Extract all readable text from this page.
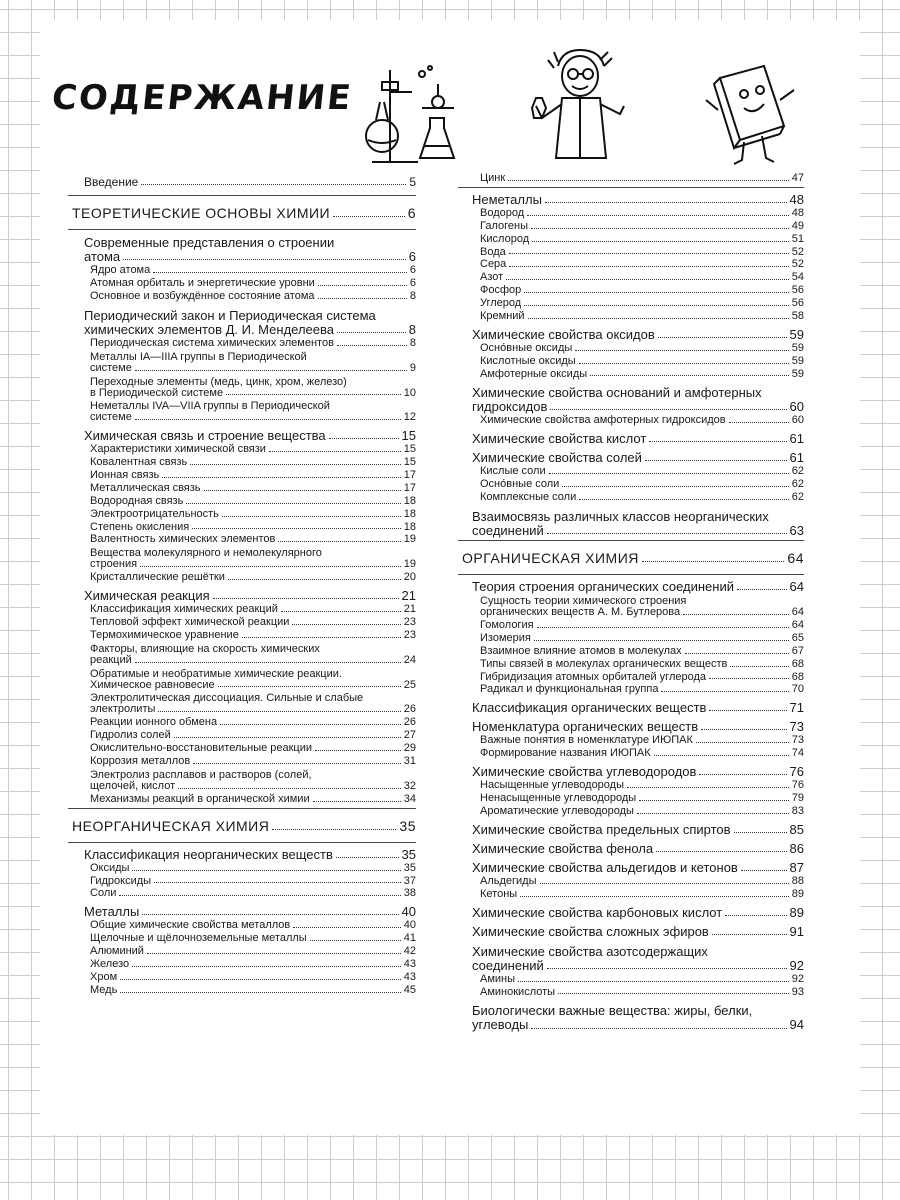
СОДЕРЖАНИЕ
Введение	5
ТЕОРЕТИЧЕСКИЕ ОСНОВЫ ХИМИИ	6
Современные представления о строении
атома	6
Ядро атома	6
Атомная орбиталь и энергетические уровни	6
Основное и возбуждённое состояние атома	8
Периодический закон и Периодическая система
химических элементов Д. И. Менделеева	8
Периодическая система химических элементов	8
Металлы IA—IIIA группы в Периодической
системе	9
Переходные элементы (медь, цинк, хром, железо)
в Периодической системе	10
Неметаллы IVA—VIIA группы в Периодической
системе	12
Химическая связь и строение вещества	15
Характеристики химической связи	15
Ковалентная связь	15
Ионная связь	17
Металлическая связь	17
Водородная связь	18
Электроотрицательность	18
Степень окисления	18
Валентность химических элементов	19
Вещества молекулярного и немолекулярного
строения	19
Кристаллические решётки	20
Химическая реакция	21
Классификация химических реакций	21
Тепловой эффект химической реакции	23
Термохимическое уравнение	23
Факторы, влияющие на скорость химических
реакций	24
Обратимые и необратимые химические реакции.
Химическое равновесие	25
Электролитическая диссоциация. Сильные и слабые
электролиты	26
Реакции ионного обмена	26
Гидролиз солей	27
Окислительно-восстановительные реакции	29
Коррозия металлов	31
Электролиз расплавов и растворов (солей,
щелочей, кислот	32
Механизмы реакций в органической химии	34
НЕОРГАНИЧЕСКАЯ ХИМИЯ	35
Классификация неорганических веществ	35
Оксиды	35
Гидроксиды	37
Соли	38
Металлы	40
Общие химические свойства металлов	40
Щелочные и щёлочноземельные металлы	41
Алюминий	42
Железо	43
Хром	43
Медь	45
Цинк	47
Неметаллы	48
Водород	48
Галогены	49
Кислород	51
Вода	52
Сера	52
Азот	54
Фосфор	56
Углерод	56
Кремний	58
Химические свойства оксидов	59
Осно́вные оксиды	59
Кислотные оксиды	59
Амфотерные оксиды	59
Химические свойства оснований и амфотерных
гидроксидов	60
Химические свойства амфотерных гидроксидов	60
Химические свойства кислот	61
Химические свойства солей	61
Кислые соли	62
Осно́вные соли	62
Комплексные соли	62
Взаимосвязь различных классов неорганических
соединений	63
ОРГАНИЧЕСКАЯ ХИМИЯ	64
Теория строения органических соединений	64
Сущность теории химического строения
органических веществ А. М. Бутлерова	64
Гомология	64
Изомерия	65
Взаимное влияние атомов в молекулах	67
Типы связей в молекулах органических веществ	68
Гибридизация атомных орбиталей углерода	68
Радикал и функциональная группа	70
Классификация органических веществ	71
Номенклатура органических веществ	73
Важные понятия в номенклатуре ИЮПАК	73
Формирование названия ИЮПАК	74
Химические свойства углеводородов	76
Насыщенные углеводороды	76
Ненасыщенные углеводороды	79
Ароматические углеводороды	83
Химические свойства предельных спиртов	85
Химические свойства фенола	86
Химические свойства альдегидов и кетонов	87
Альдегиды	88
Кетоны	89
Химические свойства карбоновых кислот	89
Химические свойства сложных эфиров	91
Химические свойства азотсодержащих
соединений	92
Амины	92
Аминокислоты	93
Биологически важные вещества: жиры, белки,
углеводы	94
